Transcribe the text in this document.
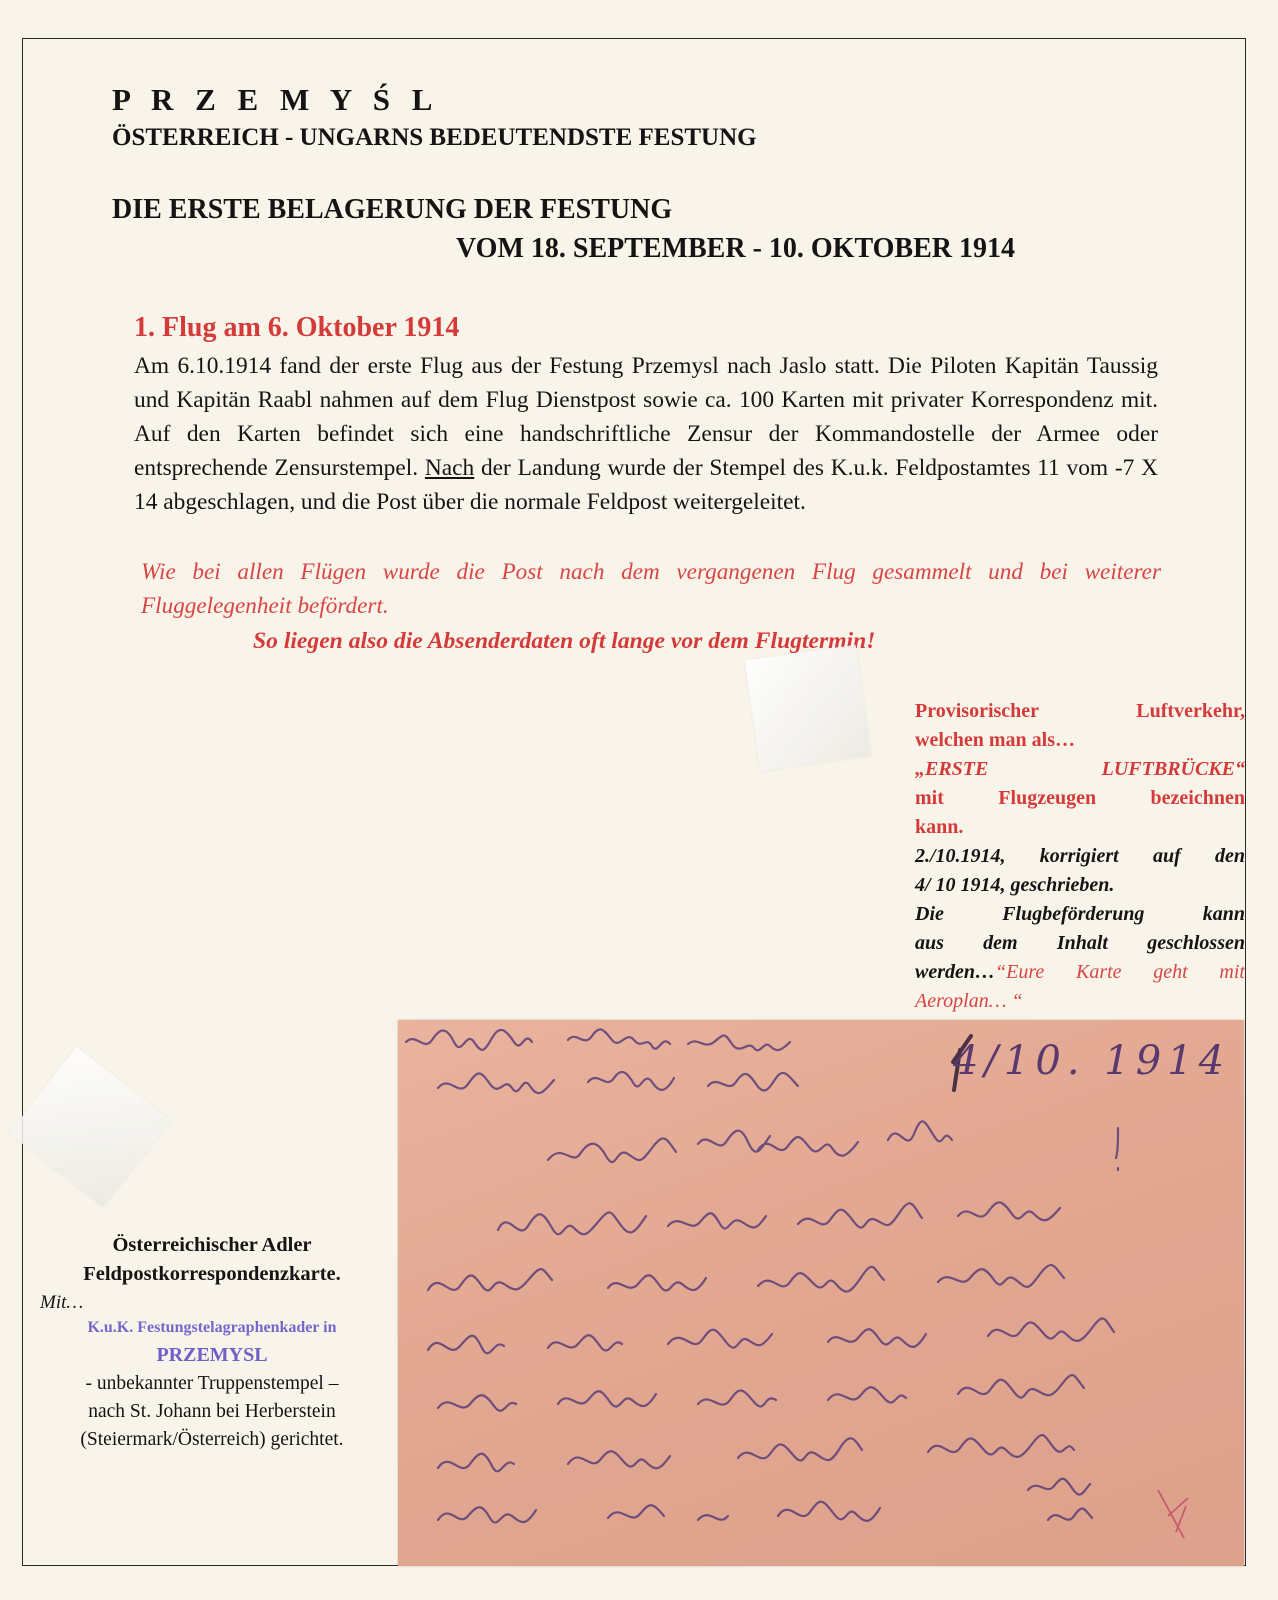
P R Z E M Y Ś L
ÖSTERREICH - UNGARNS BEDEUTENDSTE FESTUNG
DIE ERSTE BELAGERUNG DER FESTUNG
VOM 18. SEPTEMBER - 10. OKTOBER 1914
1. Flug am 6. Oktober 1914

Am 6.10.1914 fand der erste Flug aus der Festung Przemysl nach Jaslo statt. Die Piloten Kapitän Taussig und Kapitän Raabl nahmen auf dem Flug Dienstpost sowie ca. 100 Karten mit privater Korrespondenz mit. Auf den Karten befindet sich eine handschriftliche Zensur der Kommandostelle der Armee oder entsprechende Zensurstempel. Nach der Landung wurde der Stempel des K.u.k. Feldpostamtes 11 vom -7 X 14 abgeschlagen, und die Post über die normale Feldpost weitergeleitet.

Wie bei allen Flügen wurde die Post nach dem vergangenen Flug gesammelt und bei weiterer Fluggelegenheit befördert.

So liegen also die Absenderdaten oft lange vor dem Flugtermin!

Provisorischer Luftverkehr,

welchen man als…

„ERSTE LUFTBRÜCKE“

mit Flugzeugen bezeichnen

kann.

2./10.1914, korrigiert auf den

4/ 10 1914, geschrieben.

Die Flugbeförderung kann

aus dem Inhalt geschlossen

werden…“Eure Karte geht mit

Aeroplan… “

Österreichischer Adler
Feldpostkorrespondenzkarte.
Mit…
K.u.K. Festungstelagraphenkader in
PRZEMYSL
- unbekannter Truppenstempel –
nach St. Johann bei Herberstein
(Steiermark/Österreich) gerichtet.

4/10. 1914
